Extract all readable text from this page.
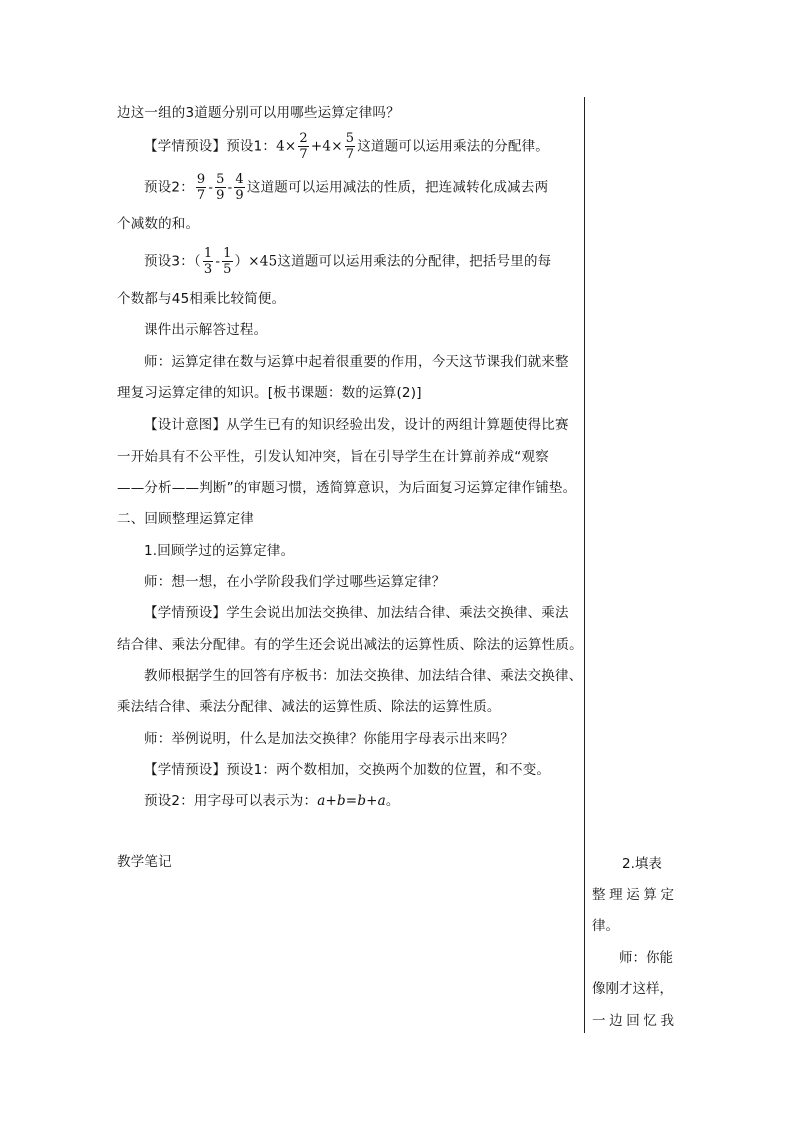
边这一组的3道题分别可以用哪些运算定律吗？
【学情预设】预设1：$4\times \frac{2}{7} +4\times \frac{5}{7}$ 这道题可以运用乘法的分配律。
预设2： $\frac{9}{7} - \frac{5}{9} - \frac{4}{9}$ 这道题可以运用减法的性质，把连减转化成减去两
个减数的和。
预设3：（ $\frac{1}{3} - \frac{1}{5} )\times 45$这道题可以运用乘法的分配律，把括号里的每
个数都与45相乘比较简便。
课件出示解答过程。
师：运算定律在数与运算中起着很重要的作用，今天这节课我们就来整
理复习运算定律的知识。[板书课题：数的运算(2)]
【设计意图】从学生已有的知识经验出发，设计的两组计算题使得比赛
一开始具有不公平性，引发认知冲突，旨在引导学生在计算前养成“观察
——分析——判断”的审题习惯，透简算意识，为后面复习运算定律作铺垫。
二、回顾整理运算定律
1.回顾学过的运算定律。
师：想一想，在小学阶段我们学过哪些运算定律？
【学情预设】学生会说出加法交换律、加法结合律、乘法交换律、乘法
结合律、乘法分配律。有的学生还会说出减法的运算性质、除法的运算性质。
教师根据学生的回答有序板书：加法交换律、加法结合律、乘法交换律、
乘法结合律、乘法分配律、减法的运算性质、除法的运算性质。
师：举例说明，什么是加法交换律？你能用字母表示出来吗？
【学情预设】预设1：两个数相加，交换两个加数的位置，和不变。
预设2：用字母可以表示为：a+b=b+a。
教学笔记	2.填表
整 理 运 算 定
律。
师：你能
像刚才这样，
一 边 回 忆 我
